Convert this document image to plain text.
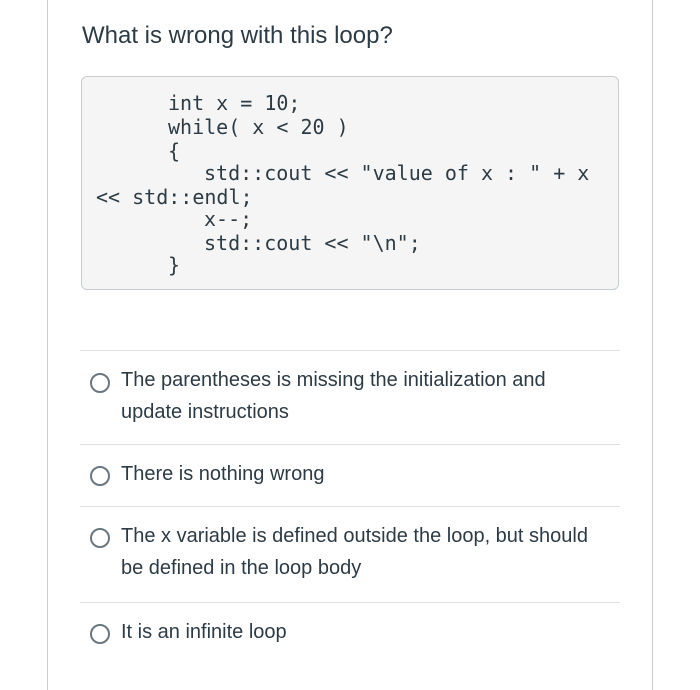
What is wrong with this loop?
int x = 10;
while( x < 20 )
{
std::cout << "value of x : " + x
<< std::endl;
x--;
std::cout << "\n";
}
The parentheses is missing the initialization and update instructions
There is nothing wrong
The x variable is defined outside the loop, but should be defined in the loop body
It is an infinite loop
